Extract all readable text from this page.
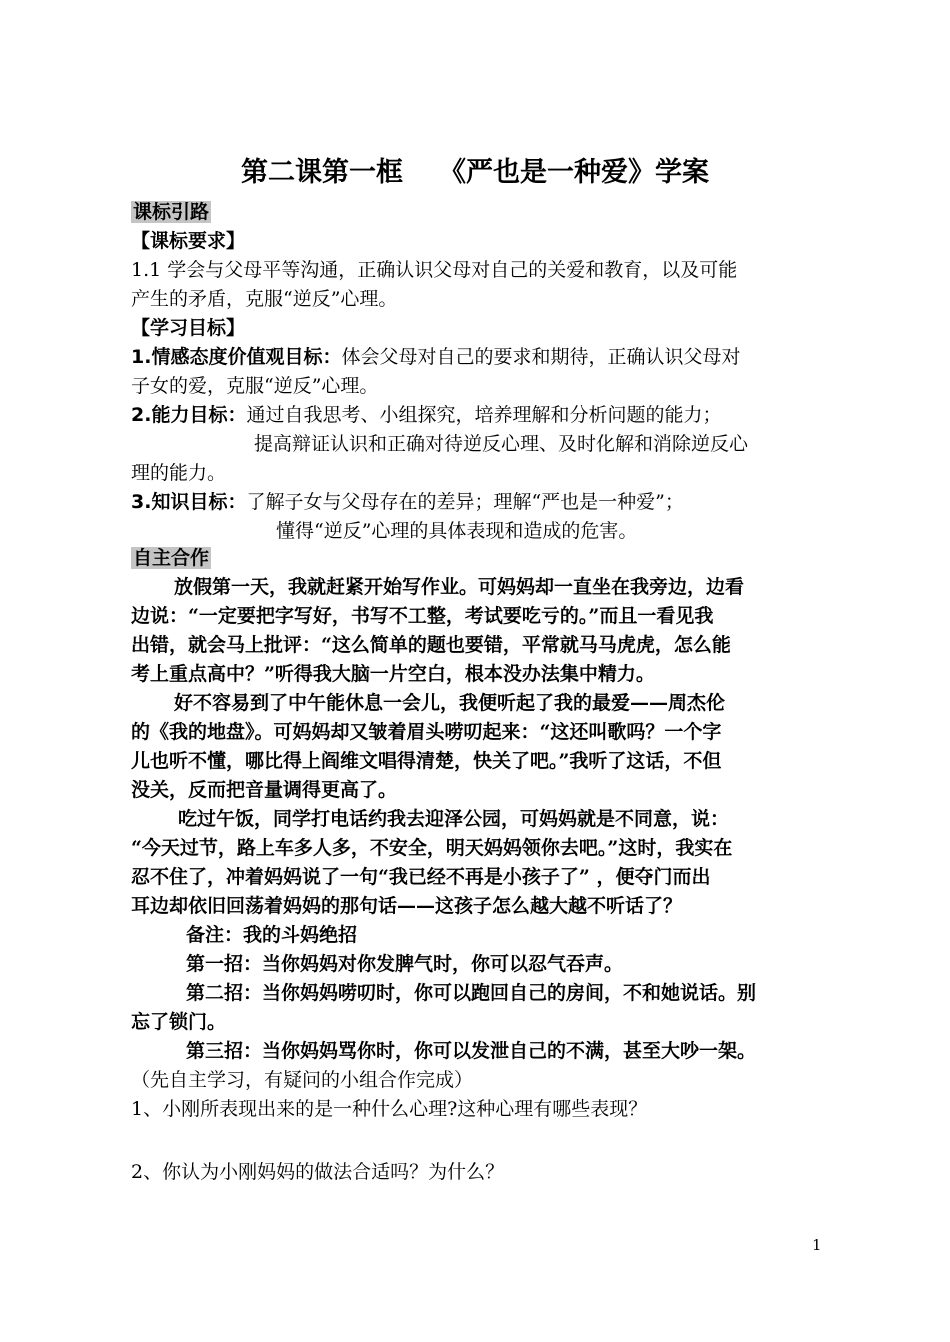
第二课第一框 《严也是一种爱》学案
课标引路
【课标要求】
1.1 学会与父母平等沟通，正确认识父母对自己的关爱和教育，以及可能
产生的矛盾，克服“逆反”心理。
【学习目标】
1.情感态度价值观目标：体会父母对自己的要求和期待，正确认识父母对
子女的爱，克服“逆反”心理。
2.能力目标：通过自我思考、小组探究，培养理解和分析问题的能力；
提高辩证认识和正确对待逆反心理、及时化解和消除逆反心
理的能力。
3.知识目标：了解子女与父母存在的差异；理解“严也是一种爱”；
懂得“逆反”心理的具体表现和造成的危害。
自主合作
放假第一天，我就赶紧开始写作业。可妈妈却一直坐在我旁边，边看
边说：“一定要把字写好，书写不工整，考试要吃亏的。”而且一看见我
出错，就会马上批评：“这么简单的题也要错，平常就马马虎虎，怎么能
考上重点高中？”听得我大脑一片空白，根本没办法集中精力。
好不容易到了中午能休息一会儿，我便听起了我的最爱——周杰伦
的《我的地盘》。可妈妈却又皱着眉头唠叨起来：“这还叫歌吗？一个字
儿也听不懂，哪比得上阎维文唱得清楚，快关了吧。”我听了这话，不但
没关，反而把音量调得更高了。
吃过午饭，同学打电话约我去迎泽公园，可妈妈就是不同意，说：
“今天过节，路上车多人多，不安全，明天妈妈领你去吧。”这时，我实在
忍不住了，冲着妈妈说了一句“我已经不再是小孩子了” ，便夺门而出
耳边却依旧回荡着妈妈的那句话——这孩子怎么越大越不听话了？
备注：我的斗妈绝招
第一招：当你妈妈对你发脾气时，你可以忍气吞声。
第二招：当你妈妈唠叨时，你可以跑回自己的房间，不和她说话。别
忘了锁门。
第三招：当你妈妈骂你时，你可以发泄自己的不满，甚至大吵一架。
（先自主学习，有疑问的小组合作完成）
1、小刚所表现出来的是一种什么心理?这种心理有哪些表现？
2、你认为小刚妈妈的做法合适吗？为什么？
1
